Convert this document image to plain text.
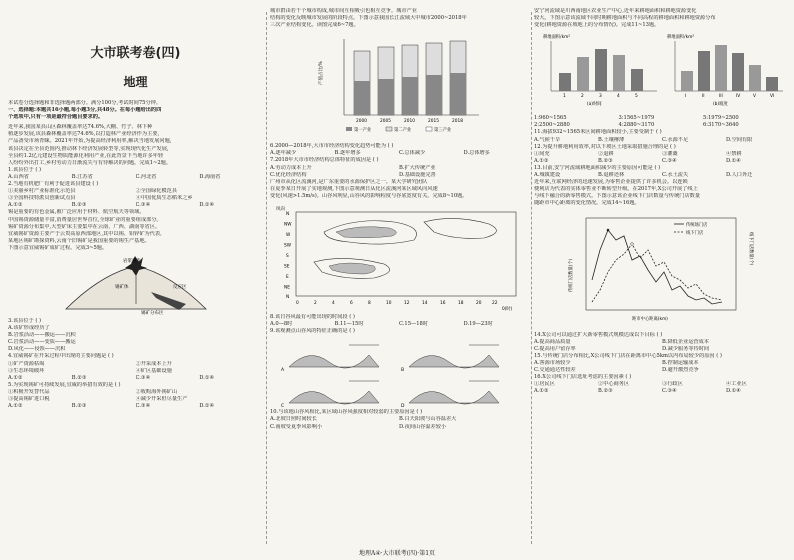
大市联考卷(四)
地理

本试卷分选择题和非选择题两部分。满分100分,考试时间75分钟。

一、选择题:本题共16小题,每小题3分,共48分。在每小题给出的四

个选项中,只有一项是最符合题目要求的。

近年来,我国某县山区森林覆盖率达74.6%,大棚、竹子、林下种

植逐步发展,该县森林覆盖率达74.6%,以打造林产业经济作为主要,

产品备受市场青睐。2021年开始,为提高经济利用率,解决当地发展问题,

该县决定在全县范围内,推动林下经济发展转型等,实现现代化生产发展,

全县约1.2亿元建设生物质能源化利用产业,在此背景下当地许多年轻

人纷纷外出打工,乡村劳动力日渐流失与有待解决的问题。完成1~2题。

1.该县位于 ( )

A.山西省	B.江苏省	C.河北省	D.海南省

2.当地有机肥厂有利于促进该县建设 ( )

①美丽乡村产业标准化示范县	②全国绿化模范县
③全国科技特派员创新试点县	④中国优质生态稻米之乡
A.①②	B.②③	C.③④	D.①④

锡是重要的有色金属,被广泛应用于材料、航空航天等领域。

中国锡资源储量丰富,消费量居世界首位,全球矿业的重要组成部分。

锡矿资源分布集中,大型矿床主要集中在云南、广西、湖南等省区。

宜威锡矿资源主要产于云贵高原西部地区,其中以锡、铅锌矿为代表,

某地区锡矿勘探资料,云南个旧锡矿是我国重要的锡生产基地。

下图示意宜威锡矿成矿过程。完成3~5题。

岩浆喷发
锡矿体	反应区
锡矿分布区

3.该县位于 ( )

A.该矿形成经历了

B.岩浆活动——搬运——沉积

C.岩浆活动——变质——搬运

D.风化——侵蚀——沉积

4.宜威锡矿在开采过程中出现的主要问题是 ( )

①矿产资源枯竭	②开采成本上升
③生态环境破坏	④矿区基础设施
A.①②	B.②③	C.③④	D.①④

5.为实现锡矿可持续发展,宜威的举措有效的是 ( )

①积极开发替代品	②收购海外锡矿山
③提高锡矿进口税	④减少开采但尽量生产
A.①②	B.②③	C.③④	D.①④

城市群由若干个城市构成,城市间互相吸引也相互竞争。城市产业

结构的变化反映城市发展的阶段特点。下图示意我国长江流域大中城市2000~2018年

三次产业结构变化。读图完成6~7题。

产值占比/%
2000	2005	2010	2015	2018
第一产业	第二产业	第三产业

6.2000—2018年,大市市经济结构变化趋势可能为 ( )

A.逐年减少	B.逐年增多	C.总体减少	D.总体增多

7.2018年大市市经济结构总体特征的成因是 ( )

A.劳动力成本上升	B.扩大传统产业
C.优化经济结构	D.基础设施完善

广州市从化区流溪河,是广东重要的水源保护区之一。某大学研究团队

在夏季某日开展了实地观测,下图示意观测日从化区流溪河某区域风向风速

变化(风速>1.5m/s)。山谷风明显,山谷风的影响程度与谷底宽度有关。完成8~10题。

风向
N
NW
W
SW
S
SE
E
NE
N
0	2	4	6	8	10	12	14	16	18	20 22
0(时)

8.该日谷风最有可能出现的时间段 ( )

A.0—8时	B.11—15时	C.15—18时	D.19—23时

9.该观测点山谷风的特征正确的是 ( )

A	B
C	D

10.与该地山谷风相比,某区域山谷风强度相对较弱的主要原因是 ( )

A.北坡日照时间较长	B.白天阳坡与山谷温差大
C.南坡受夏季风影响小	D.夜间山谷温差较小

安宁河流域是川西南地区农业生产中心,近年来耕地面积和耕地资源变化

较大。下图示意该流域不同时期耕地面积与不同高程的耕地面积和耕地资源分布

变化(耕地资源在坡地上的分布情况)。完成11~13题。

耕地面积/km²
1	2	3	4	5
(a)时间
耕地面积/km²
I	II	III	IV	V	VI
(b)坡度
1:960~1565	3:1565~1979	5:1979~2500
2:2500~2880	4:2880~3170	6:3170~3640

11.海拔932~1565米区间耕地面积较小,主要受制于 ( )

A.气候干旱	B.土壤瘠薄	C.水源不足	D.空间有限

12.为提升耕地利用效率,对以下坡区土地采取措施合理的是 ( )

①间充	②退耕	③灌溉	④禁耕
A.①②	B.②③	C.③④	D.①④

13.目前,安宁河流域耕地面积减少的主要原因可能是 ( )

A.城镇建设	B.退耕还林	C.水土流失	D.人口外迁

近年来,互联网经济的迅速发展,为零售企业提供了许多机会。以连锁

便利店为代表的实体零售业不断转型升级。在2017年,X公司开展了线上

与线下融合的新零售模式。下图示意该企业线下门店数量与传统门店数量

随距市中心距离的变化情况。完成14~16题。

传统门店数量(个)
线下门店数量(个)
传统场门店
线下门店
距市中心距离(km)

14.X公司可以通过扩大新零售模式规模达成以下目标 ( )

A.提高商品质量	B.降低企业运营成本
C.提高用户留存率	D.减少服务等待时间

15.与传统门店分布相比,X公司线下门店在距离市中心5km以内布局较少的原因 ( )

A.客源市场较少	B.控制运输成本
C.交通通达性较差	D.避开激烈竞争

16.X公司线下门店选址考虑的主要因素 ( )

①居民区	②中心商务区	③行政区	④工业区
A.①②	B.②③	C.③④	D.①④
地理A④·大市联考(四)·第1页
